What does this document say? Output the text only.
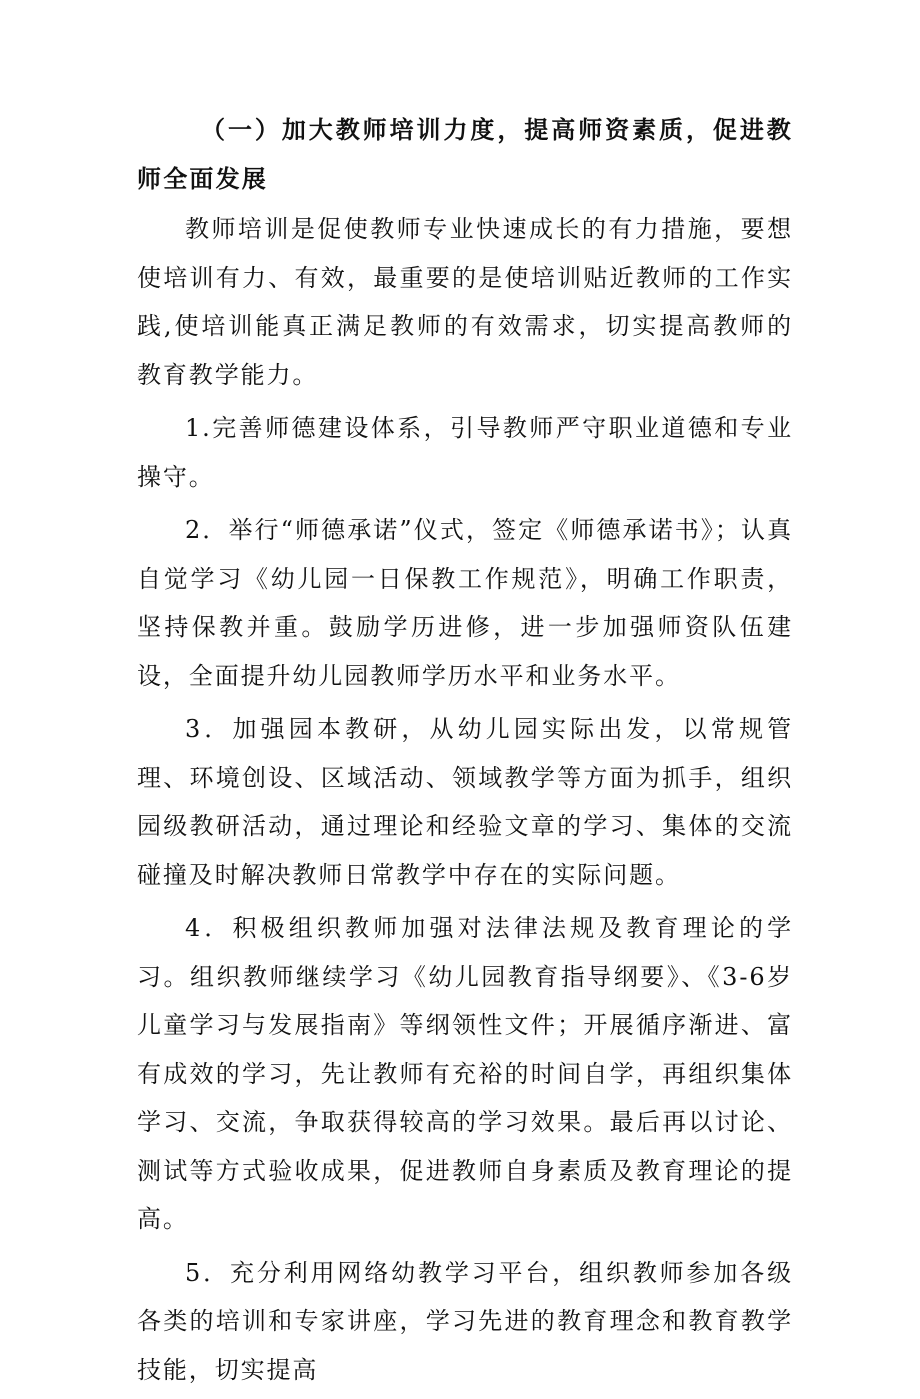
（一）加大教师培训力度，提高师资素质，促进教师全面发展

教师培训是促使教师专业快速成长的有力措施，要想使培训有力、有效，最重要的是使培训贴近教师的工作实践,使培训能真正满足教师的有效需求，切实提高教师的教育教学能力。

1.完善师德建设体系，引导教师严守职业道德和专业操守。

2．举行“师德承诺”仪式，签定《师德承诺书》；认真自觉学习《幼儿园一日保教工作规范》，明确工作职责，坚持保教并重。鼓励学历进修，进一步加强师资队伍建设，全面提升幼儿园教师学历水平和业务水平。

3．加强园本教研，从幼儿园实际出发，以常规管理、环境创设、区域活动、领域教学等方面为抓手，组织园级教研活动，通过理论和经验文章的学习、集体的交流碰撞及时解决教师日常教学中存在的实际问题。

4．积极组织教师加强对法律法规及教育理论的学习。组织教师继续学习《幼儿园教育指导纲要》、《3-6岁儿童学习与发展指南》等纲领性文件；开展循序渐进、富有成效的学习，先让教师有充裕的时间自学，再组织集体学习、交流，争取获得较高的学习效果。最后再以讨论、测试等方式验收成果，促进教师自身素质及教育理论的提高。

5．充分利用网络幼教学习平台，组织教师参加各级各类的培训和专家讲座，学习先进的教育理念和教育教学技能，切实提高
